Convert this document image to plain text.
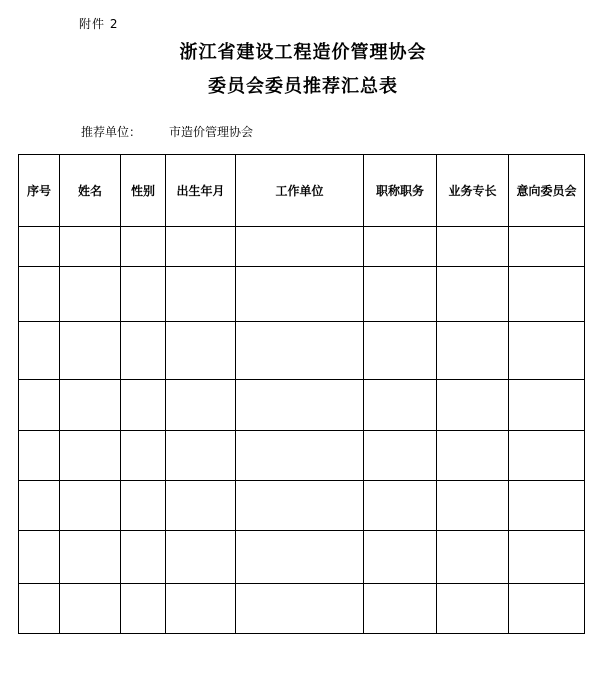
附件 2
浙江省建设工程造价管理协会
委员会委员推荐汇总表
推荐单位： 市造价管理协会
序号	姓名	性别	出生年月	工作单位	职称职务	业务专长	意向委员会
